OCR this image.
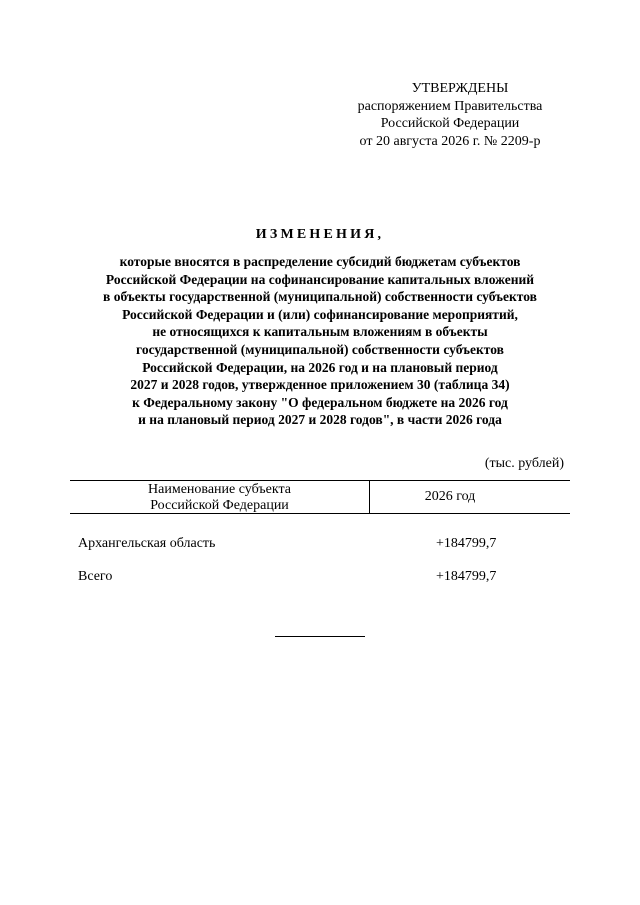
УТВЕРЖДЕНЫ
распоряжением Правительства
Российской Федерации
от 20 августа 2026 г. № 2209-р
ИЗМЕНЕНИЯ,
которые вносятся в распределение субсидий бюджетам субъектов
Российской Федерации на софинансирование капитальных вложений
в объекты государственной (муниципальной) собственности субъектов
Российской Федерации и (или) софинансирование мероприятий,
не относящихся к капитальным вложениям в объекты
государственной (муниципальной) собственности субъектов
Российской Федерации, на 2026 год и на плановый период
2027 и 2028 годов, утвержденное приложением 30 (таблица 34)
к Федеральному закону "О федеральном бюджете на 2026 год
и на плановый период 2027 и 2028 годов", в части 2026 года
(тыс. рублей)
Наименование субъекта
Российской Федерации
2026 год
Архангельская область	+184799,7
Всего	+184799,7
